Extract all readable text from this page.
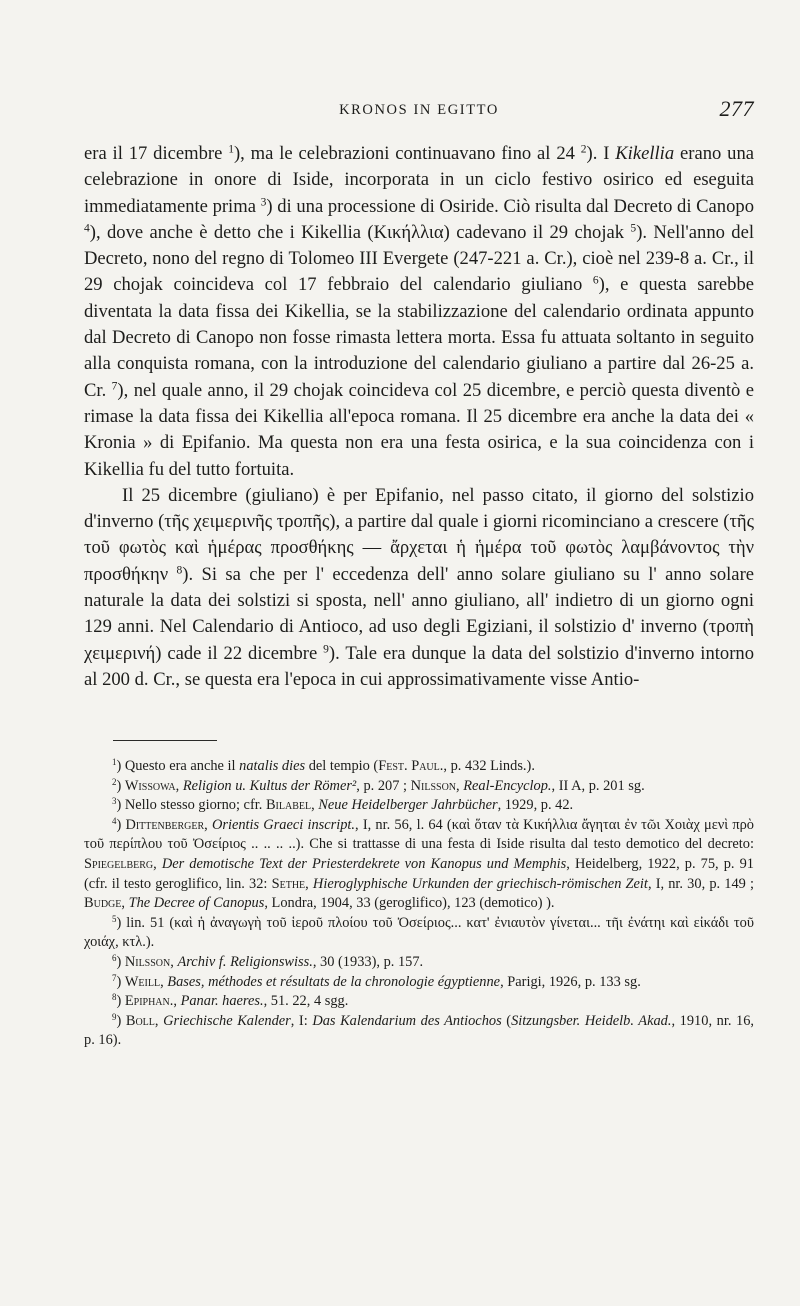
KRONOS IN EGITTO	277

era il 17 dicembre $^1$), ma le celebrazioni continuavano fino al 24 $^2$). I Kikellia erano una celebrazione in onore di Iside, incorporata in un ciclo festivo osirico ed eseguita immediatamente prima $^3$) di una processione di Osiride. Ciò risulta dal Decreto di Canopo $^4$), dove anche è detto che i Kikellia (Κικήλλια) cadevano il 29 chojak $^5$). Nell'anno del Decreto, nono del regno di Tolomeo III Evergete (247-221 a. Cr.), cioè nel 239-8 a. Cr., il 29 chojak coincideva col 17 febbraio del calendario giuliano $^6$), e questa sarebbe diventata la data fissa dei Kikellia, se la stabilizzazione del calendario ordinata appunto dal Decreto di Canopo non fosse rimasta lettera morta. Essa fu attuata soltanto in seguito alla conquista romana, con la introduzione del calendario giuliano a partire dal 26-25 a. Cr. $^7$), nel quale anno, il 29 chojak coincideva col 25 dicembre, e perciò questa diventò e rimase la data fissa dei Kikellia all'epoca romana. Il 25 dicembre era anche la data dei « Kronia » di Epifanio. Ma questa non era una festa osirica, e la sua coincidenza con i Kikellia fu del tutto fortuita.

Il 25 dicembre (giuliano) è per Epifanio, nel passo citato, il giorno del solstizio d'inverno (τῆς χειμερινῆς τροπῆς), a partire dal quale i giorni ricominciano a crescere (τῆς τοῦ φωτὸς καὶ ἡμέρας προσθήκης — ἄρχεται ἡ ἡμέρα τοῦ φωτὸς λαμβάνοντος τὴν προσθήκην $^8$). Si sa che per l' eccedenza dell' anno solare giuliano su l' anno solare naturale la data dei solstizi si sposta, nell' anno giuliano, all' indietro di un giorno ogni 129 anni. Nel Calendario di Antioco, ad uso degli Egiziani, il solstizio d' inverno (τροπὴ χειμερινή) cade il 22 dicembre $^9$). Tale era dunque la data del solstizio d'inverno intorno al 200 d. Cr., se questa era l'epoca in cui approssimativamente visse Antio-

$^1$) Questo era anche il natalis dies del tempio (Fest. Paul., p. 432 Linds.).

$^2$) Wissowa, Religion u. Kultus der Römer², p. 207 ; Nilsson, Real-Encyclop., II A, p. 201 sg.

$^3$) Nello stesso giorno; cfr. Bilabel, Neue Heidelberger Jahrbücher, 1929, p. 42.

$^4$) Dittenberger, Orientis Graeci inscript., I, nr. 56, l. 64 (καὶ ὅταν τὰ Κικήλλια ἄγηται ἐν τῶι Χοιὰχ μενὶ πρὸ τοῦ περίπλου τοῦ Ὀσείριος .. .. .. ..). Che si trattasse di una festa di Iside risulta dal testo demotico del decreto: Spiegelberg, Der demotische Text der Priesterdekrete von Kanopus und Memphis, Heidelberg, 1922, p. 75, p. 91 (cfr. il testo geroglifico, lin. 32: Sethe, Hieroglyphische Urkunden der griechisch-römischen Zeit, I, nr. 30, p. 149 ; Budge, The Decree of Canopus, Londra, 1904, 33 (geroglifico), 123 (demotico) ).

$^5$) lin. 51 (καὶ ἡ ἀναγωγὴ τοῦ ἱεροῦ πλοίου τοῦ Ὀσείριος... κατ' ἐνιαυτὸν γίνεται... τῆι ἐνάτηι καὶ εἰκάδι τοῦ χοιάχ, κτλ.).

$^6$) Nilsson, Archiv f. Religionswiss., 30 (1933), p. 157.

$^7$) Weill, Bases, méthodes et résultats de la chronologie égyptienne, Parigi, 1926, p. 133 sg.

$^8$) Epiphan., Panar. haeres., 51. 22, 4 sgg.

$^9$) Boll, Griechische Kalender, I: Das Kalendarium des Antiochos (Sitzungsber. Heidelb. Akad., 1910, nr. 16, p. 16).
